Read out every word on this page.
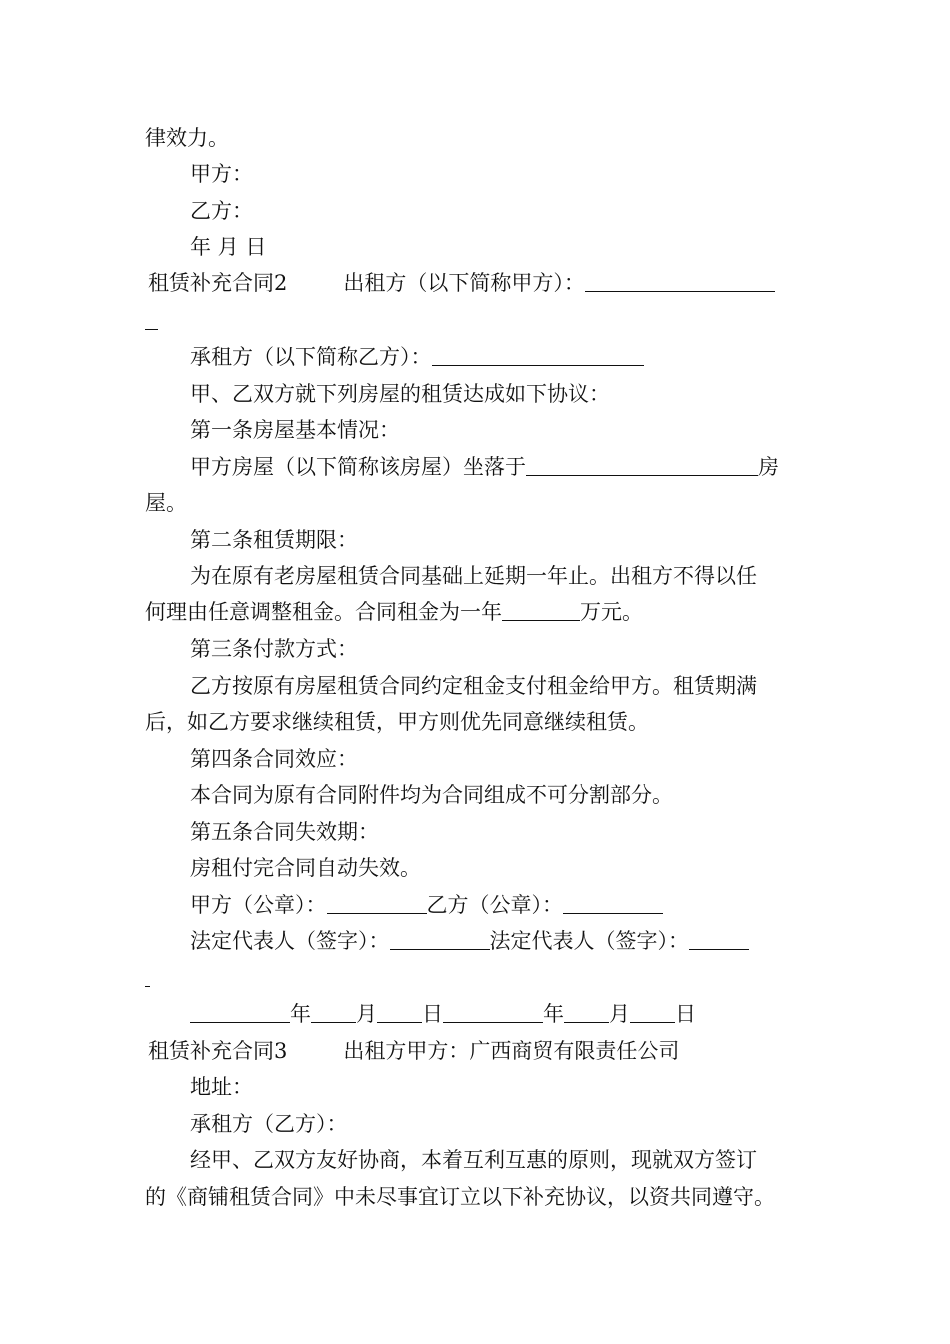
律效力。
甲方：
乙方：
年 月 日
租赁补充合同2	出租方（以下简称甲方）：
承租方（以下简称乙方）：
甲、乙双方就下列房屋的租赁达成如下协议：
第一条房屋基本情况：
甲方房屋（以下简称该房屋）坐落于	房
屋。
第二条租赁期限：
为在原有老房屋租赁合同基础上延期一年止。出租方不得以任
何理由任意调整租金。合同租金为一年	万元。
第三条付款方式：
乙方按原有房屋租赁合同约定租金支付租金给甲方。租赁期满
后，如乙方要求继续租赁，甲方则优先同意继续租赁。
第四条合同效应：
本合同为原有合同附件均为合同组成不可分割部分。
第五条合同失效期：
房租付完合同自动失效。
甲方（公章）：	乙方（公章）：
法定代表人（签字）：	法定代表人（签字）：
年 月 日	年 月 日
租赁补充合同3	出租方甲方：广西商贸有限责任公司
地址：
承租方（乙方）：
经甲、乙双方友好协商，本着互利互惠的原则，现就双方签订
的《商铺租赁合同》中未尽事宜订立以下补充协议，以资共同遵守。
